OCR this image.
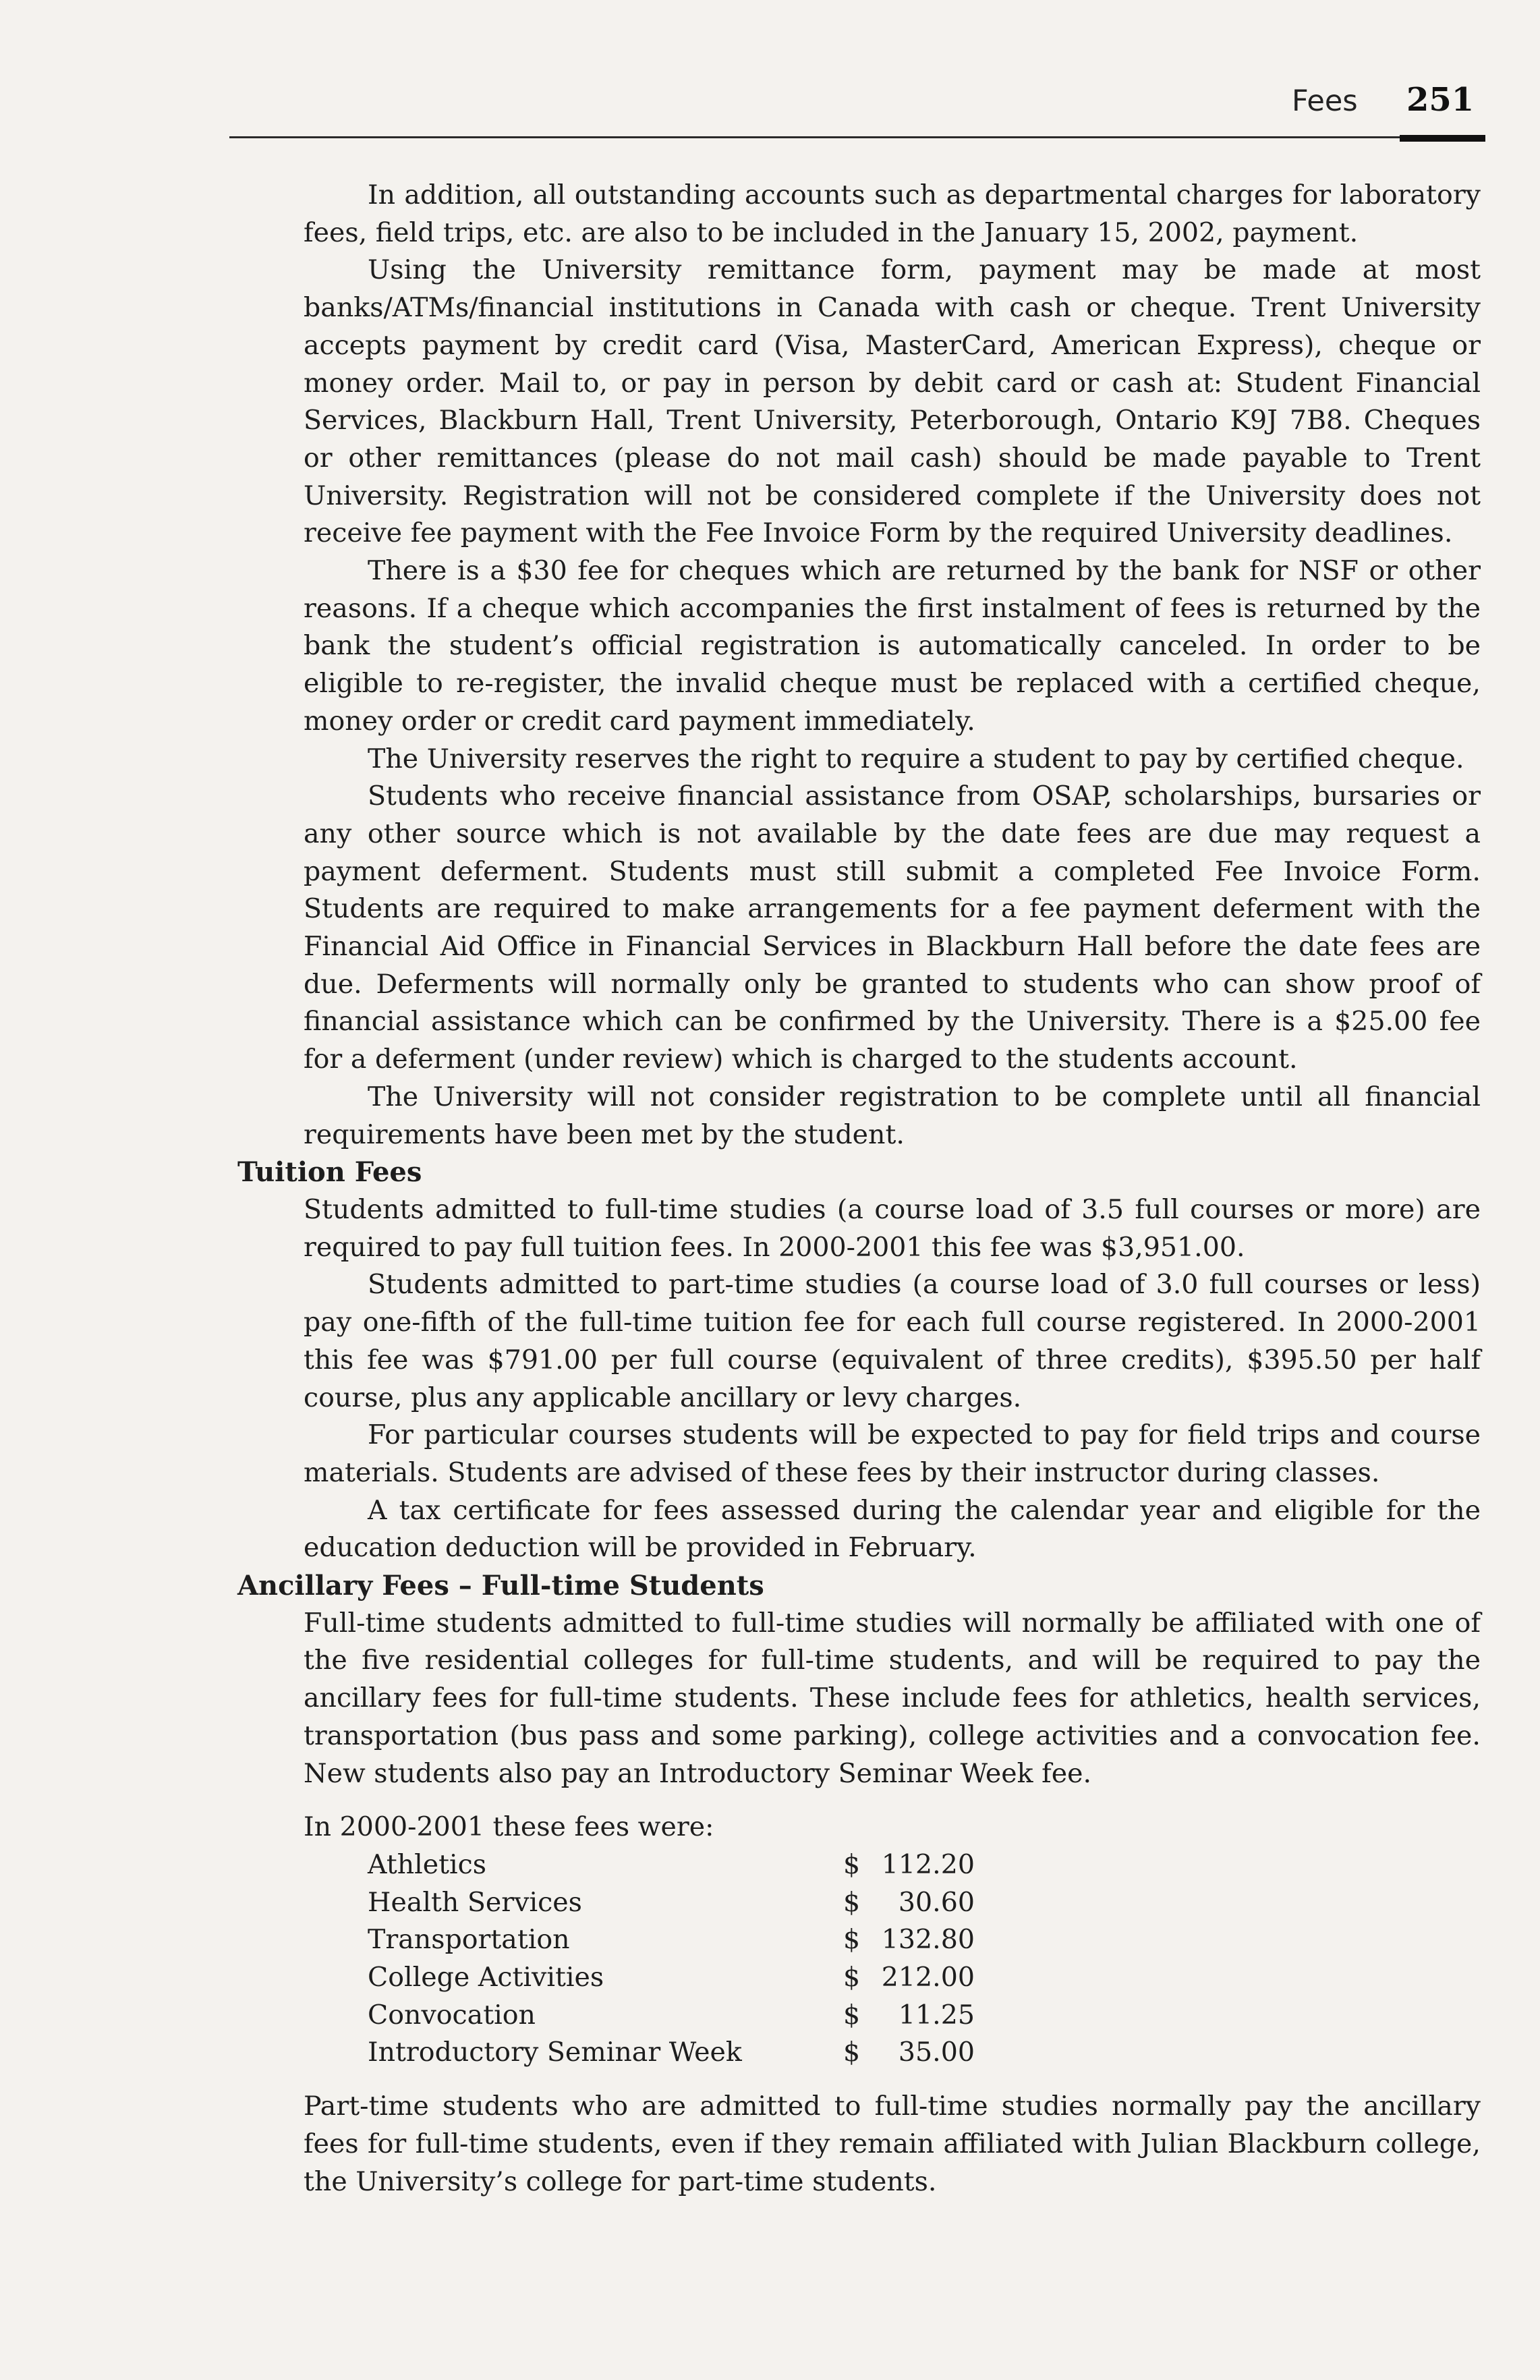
Fees 251

In addition, all outstanding accounts such as departmental charges for laboratory fees, field trips, etc. are also to be included in the January 15, 2002, payment.

Using the University remittance form, payment may be made at most banks/ATMs/financial institutions in Canada with cash or cheque. Trent University accepts payment by credit card (Visa, MasterCard, American Express), cheque or money order. Mail to, or pay in person by debit card or cash at: Student Financial Services, Blackburn Hall, Trent University, Peterborough, Ontario K9J 7B8. Cheques or other remittances (please do not mail cash) should be made payable to Trent University. Registration will not be considered complete if the University does not receive fee payment with the Fee Invoice Form by the required University deadlines.

There is a $30 fee for cheques which are returned by the bank for NSF or other reasons. If a cheque which accompanies the first instalment of fees is returned by the bank the student’s official registration is automatically canceled. In order to be eligible to re-register, the invalid cheque must be replaced with a certified cheque, money order or credit card payment immediately.

The University reserves the right to require a student to pay by certified cheque.

Students who receive financial assistance from OSAP, scholarships, bursaries or any other source which is not available by the date fees are due may request a payment deferment. Students must still submit a completed Fee Invoice Form. Students are required to make arrangements for a fee payment deferment with the Financial Aid Office in Financial Services in Blackburn Hall before the date fees are due. Deferments will normally only be granted to students who can show proof of financial assistance which can be confirmed by the University. There is a $25.00 fee for a deferment (under review) which is charged to the students account.

The University will not consider registration to be complete until all financial requirements have been met by the student.

Tuition Fees

Students admitted to full-time studies (a course load of 3.5 full courses or more) are required to pay full tuition fees. In 2000-2001 this fee was $3,951.00.

Students admitted to part-time studies (a course load of 3.0 full courses or less) pay one-fifth of the full-time tuition fee for each full course registered. In 2000-2001 this fee was $791.00 per full course (equivalent of three credits), $395.50 per half course, plus any applicable ancillary or levy charges.

For particular courses students will be expected to pay for field trips and course materials. Students are advised of these fees by their instructor during classes.

A tax certificate for fees assessed during the calendar year and eligible for the education deduction will be provided in February.

Ancillary Fees – Full-time Students

Full-time students admitted to full-time studies will normally be affiliated with one of the five residential colleges for full-time students, and will be required to pay the ancillary fees for full-time students. These include fees for athletics, health services, transportation (bus pass and some parking), college activities and a convocation fee. New students also pay an Introductory Seminar Week fee.

In 2000-2001 these fees were:

Athletics	$	112.20
Health Services	$	30.60
Transportation	$	132.80
College Activities	$	212.00
Convocation	$	11.25
Introductory Seminar Week	$	35.00

Part-time students who are admitted to full-time studies normally pay the ancillary fees for full-time students, even if they remain affiliated with Julian Blackburn college, the University’s college for part-time students.
